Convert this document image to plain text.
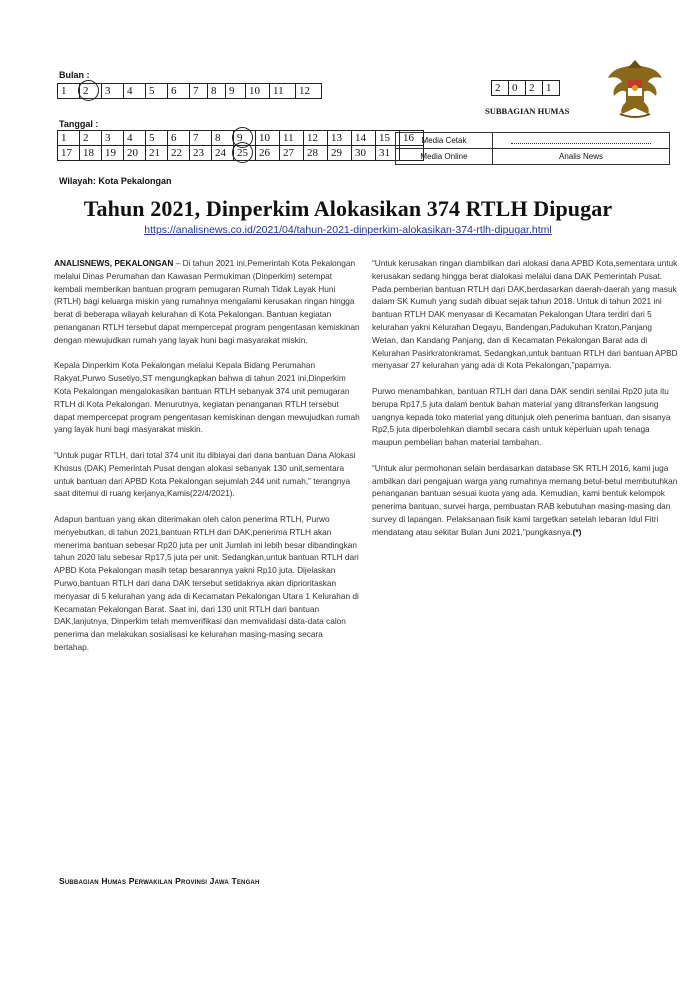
Bulan :
1	2	3	4	5	6	7	8	9	10	11	12	2	0	2	1
SUBBAGIAN HUMAS
Tanggal :
1	2	3	4	5	6	7	8	9	10	11	12	13	14	15	16
17	18	19	20	21	22	23	24	25	26	27	28	29	30	31	
Media Cetak	
Media Online	Analis News
Wilayah: Kota Pekalongan
Tahun 2021, Dinperkim Alokasikan 374 RTLH Dipugar
https://analisnews.co.id/2021/04/tahun-2021-dinperkim-alokasikan-374-rtlh-dipugar.html

ANALISNEWS, PEKALONGAN – Di tahun 2021 ini,Pemerintah Kota Pekalongan melalui Dinas Perumahan dan Kawasan Permukiman (Dinperkim) setempat kembali memberikan bantuan program pemugaran Rumah Tidak Layak Huni (RTLH) bagi keluarga miskin yang rumahnya mengalami kerusakan ringan hingga berat di beberapa wilayah kelurahan di Kota Pekalongan. Bantuan kegiatan penanganan RTLH tersebut dapat mempercepat program pengentasan kemiskinan dengan mewujudkan rumah yang layak huni bagi masyarakat miskin.

Kepala Dinperkim Kota Pekalongan melalui Kepala Bidang Perumahan Rakyat,Purwo Susetiyo,ST mengungkapkan bahwa di tahun 2021 ini,Dinperkim Kota Pekalongan mengalokasikan bantuan RTLH sebanyak 374 unit pemugaran RTLH di Kota Pekalongan. Menurutnya, kegiatan penanganan RTLH tersebut dapat mempercepat program pengentasan kemiskinan dengan mewujudkan rumah yang layak huni bagi masyarakat miskin.

“Untuk pugar RTLH, dari total 374 unit itu dibiayai dari dana bantuan Dana Alokasi Khusus (DAK) Pemerintah Pusat dengan alokasi sebanyak 130 unit,sementara untuk bantuan dari APBD Kota Pekalongan sejumlah 244 unit rumah,” terangnya saat ditemui di ruang kerjanya,Kamis(22/4/2021).

Adapun bantuan yang akan diterimakan oleh calon penerima RTLH, Purwo menyebutkan, di tahun 2021,bantuan RTLH dari DAK,penerima RTLH akan menerima bantuan sebesar Rp20 juta per unit Jumlah ini lebih besar dibandingkan tahun 2020 lalu sebesar Rp17,5 juta per unit. Sedangkan,untuk bantuan RTLH dari APBD Kota Pekalongan masih tetap besarannya yakni Rp10 juta. Dijelaskan Purwo,bantuan RTLH dari dana DAK tersebut setidaknya akan diprioritaskan menyasar di 5 kelurahan yang ada di Kecamatan Pekalongan Utara 1 Kelurahan di Kecamatan Pekalongan Barat. Saat ini, dari 130 unit RTLH dari bantuan DAK,lanjutnya, Dinperkim telah memverifikasi dan memvalidasi data-data calon penerima dan melakukan sosialisasi ke kelurahan masing-masing secara bertahap.

“Untuk kerusakan ringan diambilkan dari alokasi dana APBD Kota,sementara untuk kerusakan sedang hingga berat dialokasi melalui dana DAK Pemerintah Pusat. Pada pemberian bantuan RTLH dari DAK,berdasarkan daerah-daerah yang masuk dalam SK Kumuh yang sudah dibuat sejak tahun 2018. Untuk di tahun 2021 ini bantuan RTLH DAK menyasar di Kecamatan Pekalongan Utara terdiri dari 5 kelurahan yakni Kelurahan Degayu, Bandengan,Padukuhan Kraton,Panjang Wetan, dan Kandang Panjang, dan di Kecamatan Pekalongan Barat ada di Kelurahan Pasirkratonkramat. Sedangkan,untuk bantuan RTLH dari bantuan APBD menyasar 27 kelurahan yang ada di Kota Pekalongan,”paparnya.

Purwo menambahkan, bantuan RTLH dari dana DAK sendiri senilai Rp20 juta itu berupa Rp17,5 juta dalam bentuk bahan material yang ditransferkan langsung uangnya kepada toko material yang ditunjuk oleh penerima bantuan, dan sisanya Rp2,5 juta diperbolehkan diambil secara cash untuk keperluan upah tenaga maupun pembelian bahan material tambahan.

“Untuk alur permohonan selain berdasarkan database SK RTLH 2016, kami juga ambilkan dari pengajuan warga yang rumahnya memang betul-betul membutuhkan penanganan bantuan sesuai kuota yang ada. Kemudian, kami bentuk kelompok penerima bantuan, survei harga, pembuatan RAB kebutuhan masing-masing dan survey di lapangan. Pelaksanaan fisik kami targetkan setelah lebaran Idul Fitri mendatang atau sekitar Bulan Juni 2021,”pungkasnya.(*)

Subbagian Humas Perwakilan Provinsi Jawa Tengah
